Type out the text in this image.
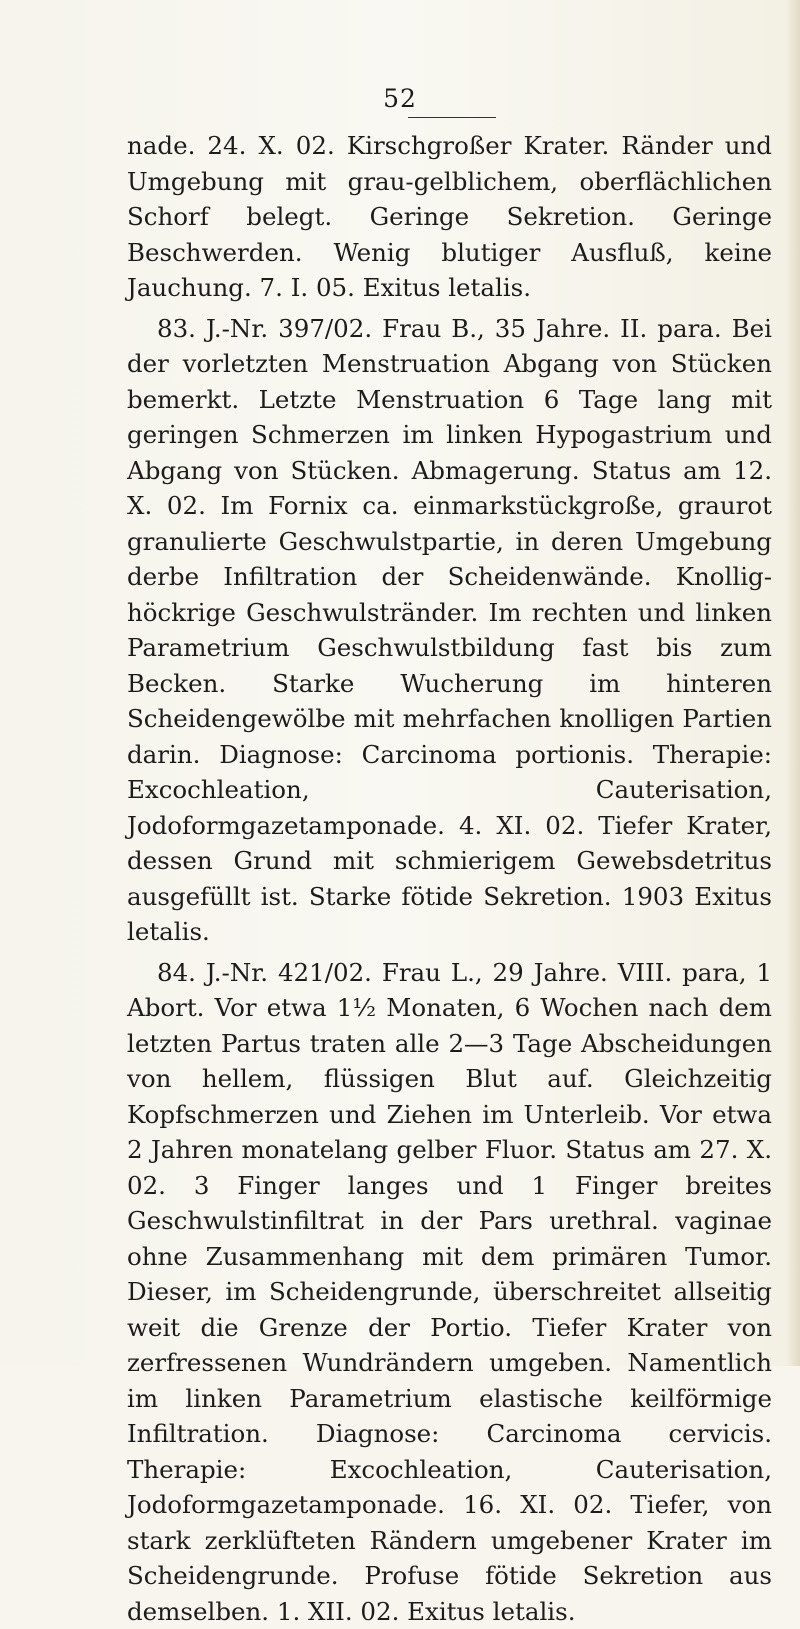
52

nade. 24. X. 02. Kirschgroßer Krater. Ränder und Umgebung mit grau-gelblichem, oberflächlichen Schorf belegt. Geringe Sekretion. Geringe Beschwerden. Wenig blutiger Ausfluß, keine Jauchung. 7. I. 05. Exitus letalis.

83. J.-Nr. 397/02. Frau B., 35 Jahre. II. para. Bei der vorletzten Menstruation Abgang von Stücken bemerkt. Letzte Menstruation 6 Tage lang mit geringen Schmerzen im linken Hypogastrium und Abgang von Stücken. Abmagerung. Status am 12. X. 02. Im Fornix ca. einmarkstückgroße, graurot granulierte Geschwulstpartie, in deren Umgebung derbe Infiltration der Scheidenwände. Knollig-höckrige Geschwulstränder. Im rechten und linken Parametrium Geschwulstbildung fast bis zum Becken. Starke Wucherung im hinteren Scheidengewölbe mit mehrfachen knolligen Partien darin. Diagnose: Carcinoma portionis. Therapie: Excochleation, Cauterisation, Jodoformgazetamponade. 4. XI. 02. Tiefer Krater, dessen Grund mit schmierigem Gewebsdetritus ausgefüllt ist. Starke fötide Sekretion. 1903 Exitus letalis.

84. J.-Nr. 421/02. Frau L., 29 Jahre. VIII. para, 1 Abort. Vor etwa 1½ Monaten, 6 Wochen nach dem letzten Partus traten alle 2—3 Tage Abscheidungen von hellem, flüssigen Blut auf. Gleichzeitig Kopfschmerzen und Ziehen im Unterleib. Vor etwa 2 Jahren monatelang gelber Fluor. Status am 27. X. 02. 3 Finger langes und 1 Finger breites Geschwulstinfiltrat in der Pars urethral. vaginae ohne Zusammenhang mit dem primären Tumor. Dieser, im Scheidengrunde, überschreitet allseitig weit die Grenze der Portio. Tiefer Krater von zerfressenen Wundrändern umgeben. Namentlich im linken Parametrium elastische keilförmige Infiltration. Diagnose: Carcinoma cervicis. Therapie: Excochleation, Cauterisation, Jodoformgazetamponade. 16. XI. 02. Tiefer, von stark zerklüfteten Rändern umgebener Krater im Scheidengrunde. Profuse fötide Sekretion aus demselben. 1. XII. 02. Exitus letalis.
